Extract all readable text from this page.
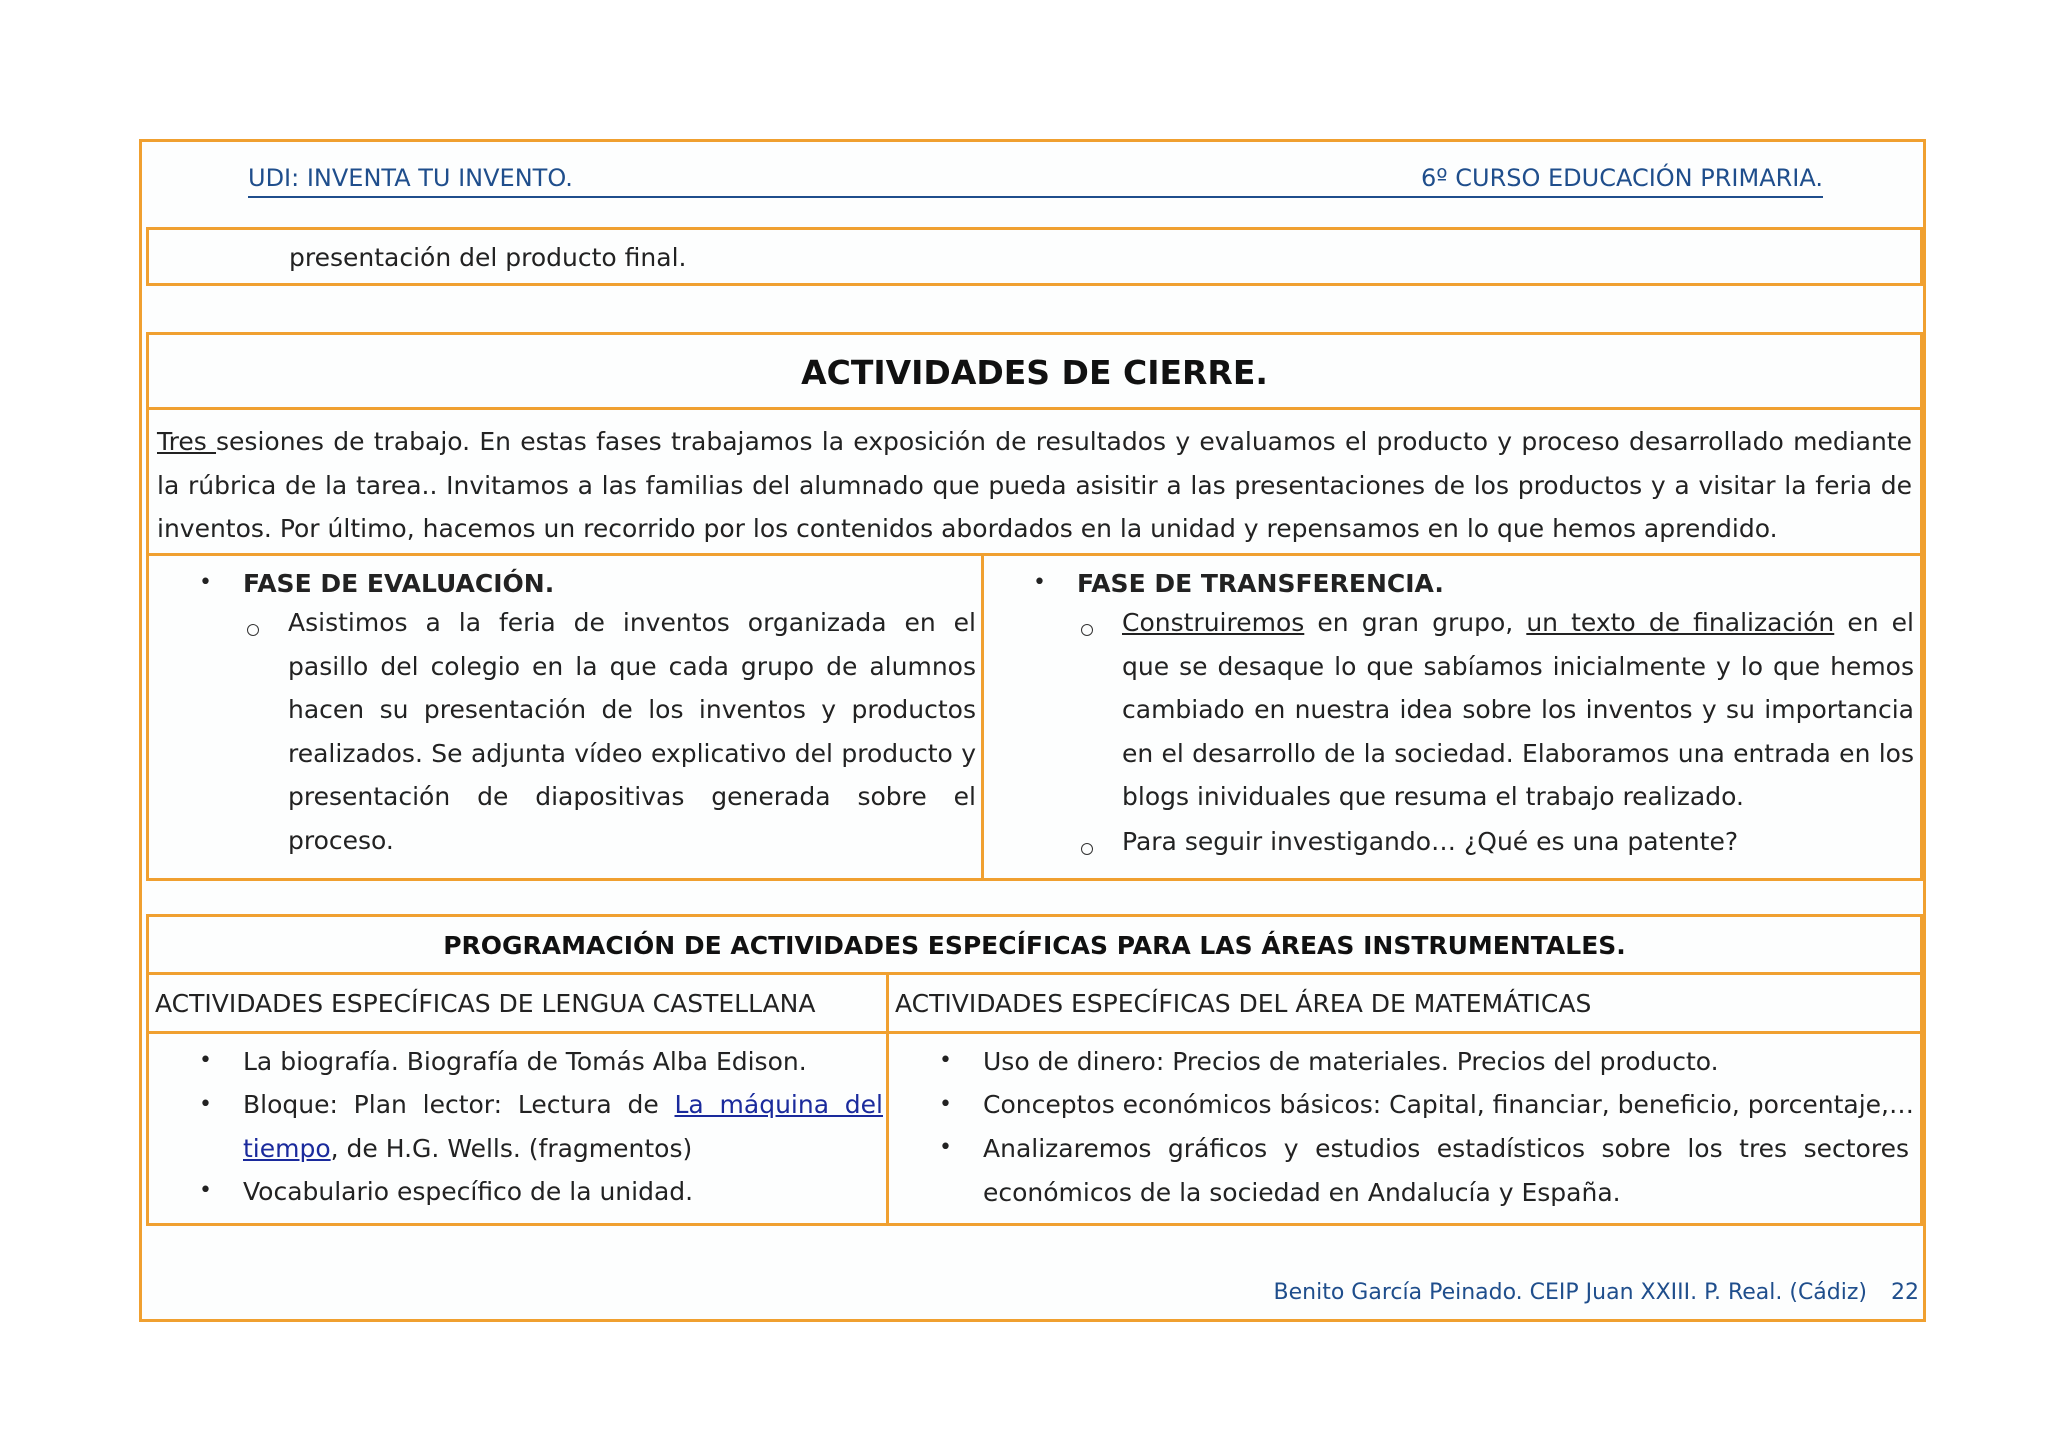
UDI: INVENTA TU INVENTO.	6º CURSO EDUCACIÓN PRIMARIA.
presentación del producto final.
ACTIVIDADES DE CIERRE.
Tres sesiones de trabajo. En estas fases trabajamos la exposición de resultados y evaluamos el producto y proceso desarrollado mediante la rúbrica de la tarea.. Invitamos a las familias del alumnado que pueda asisitir a las presentaciones de los productos y a visitar la feria de inventos. Por último, hacemos un recorrido por los contenidos abordados en la unidad y repensamos en lo que hemos aprendido.
• FASE DE EVALUACIÓN.
Asistimos a la feria de inventos organizada en el pasillo del colegio en la que cada grupo de alumnos hacen su presentación de los inventos y productos realizados. Se adjunta vídeo explicativo del producto y presentación de diapositivas generada sobre el proceso.
• FASE DE TRANSFERENCIA.
Construiremos en gran grupo, un texto de finalización en el que se desaque lo que sabíamos inicialmente y lo que hemos cambiado en nuestra idea sobre los inventos y su importancia en el desarrollo de la sociedad. Elaboramos una entrada en los blogs inividuales que resuma el trabajo realizado.
Para seguir investigando… ¿Qué es una patente?
PROGRAMACIÓN DE ACTIVIDADES ESPECÍFICAS PARA LAS ÁREAS INSTRUMENTALES.
ACTIVIDADES ESPECÍFICAS DE LENGUA CASTELLANA	ACTIVIDADES ESPECÍFICAS DEL ÁREA DE MATEMÁTICAS
• La biografía. Biografía de Tomás Alba Edison.
• Bloque: Plan lector: Lectura de La máquina del tiempo, de H.G. Wells. (fragmentos)
• Vocabulario específico de la unidad.
• Uso de dinero: Precios de materiales. Precios del producto.
• Conceptos económicos básicos: Capital, financiar, beneficio, porcentaje,…
• Analizaremos gráficos y estudios estadísticos sobre los tres sectores económicos de la sociedad en Andalucía y España.
Benito García Peinado. CEIP Juan XXIII. P. Real. (Cádiz) 22
